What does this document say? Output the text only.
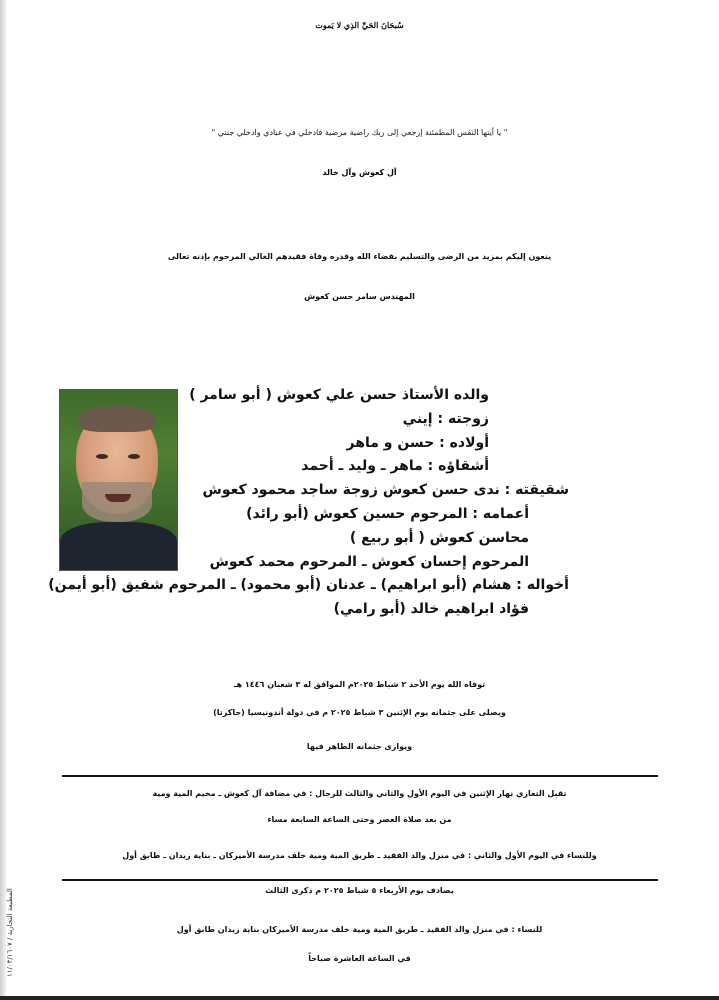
سُبحَانَ الحَيِّ الذِي لا يَموت
" يا أيتها النفس المطمئنة إرجعي إلى ربك راضية مرضية فادخلي في عبادي وادخلي جنتي "
آل كعوش وآل خالد
ينعون إليكم بمزيد من الرضى والتسليم بقضاء الله وقدره وفاة فقيدهم الغالي المرحوم بإذنه تعالى
المهندس سامر حسن كعوش
والده الأستاذ حسن علي كعوش ( أبو سامر )
زوجته : إيني
أولاده : حسن و ماهر
أشقاؤه : ماهر ـ وليد ـ أحمد
شقيقته : ندى حسن كعوش زوجة ساجد محمود كعوش
أعمامه : المرحوم حسين كعوش (أبو رائد)
محاسن كعوش ( أبو ربيع )
المرحوم إحسان كعوش ـ المرحوم محمد كعوش
أخواله : هشام (أبو ابراهيم) ـ عدنان (أبو محمود) ـ المرحوم شفيق (أبو أيمن)
فؤاد ابراهيم خالد (أبو رامي)
توفاه الله يوم الأحد ٢ شباط ٢٠٢٥م الموافق له ٣ شعبان ١٤٤٦ هـ
ويصلى على جثمانه يوم الإثنين ٣ شباط ٢٠٢٥ م في دولة أندونيسيا (جاكرتا)
ويوارى جثمانه الطاهر فيها
تقبل التعازي نهار الإثنين في اليوم الأول والثاني والثالث للرجال : في مضافة آل كعوش ـ مخيم المية ومية
من بعد صلاة العصر وحتى الساعة السابعة مساء
وللنساء في اليوم الأول والثاني : في منزل والد الفقيد ـ طريق المية ومية خلف مدرسة الأميركان ـ بناية زيدان ـ طابق أول
يصادف يوم الأربعاء ٥ شباط ٢٠٢٥ م ذكرى الثالث
للنساء : في منزل والد الفقيد ـ طريق المية ومية خلف مدرسة الأميركان بناية زيدان طابق أول
في الساعة العاشرة صباحاً
المطبعة التجارية / ١١/٠٣/١٦٠٧
